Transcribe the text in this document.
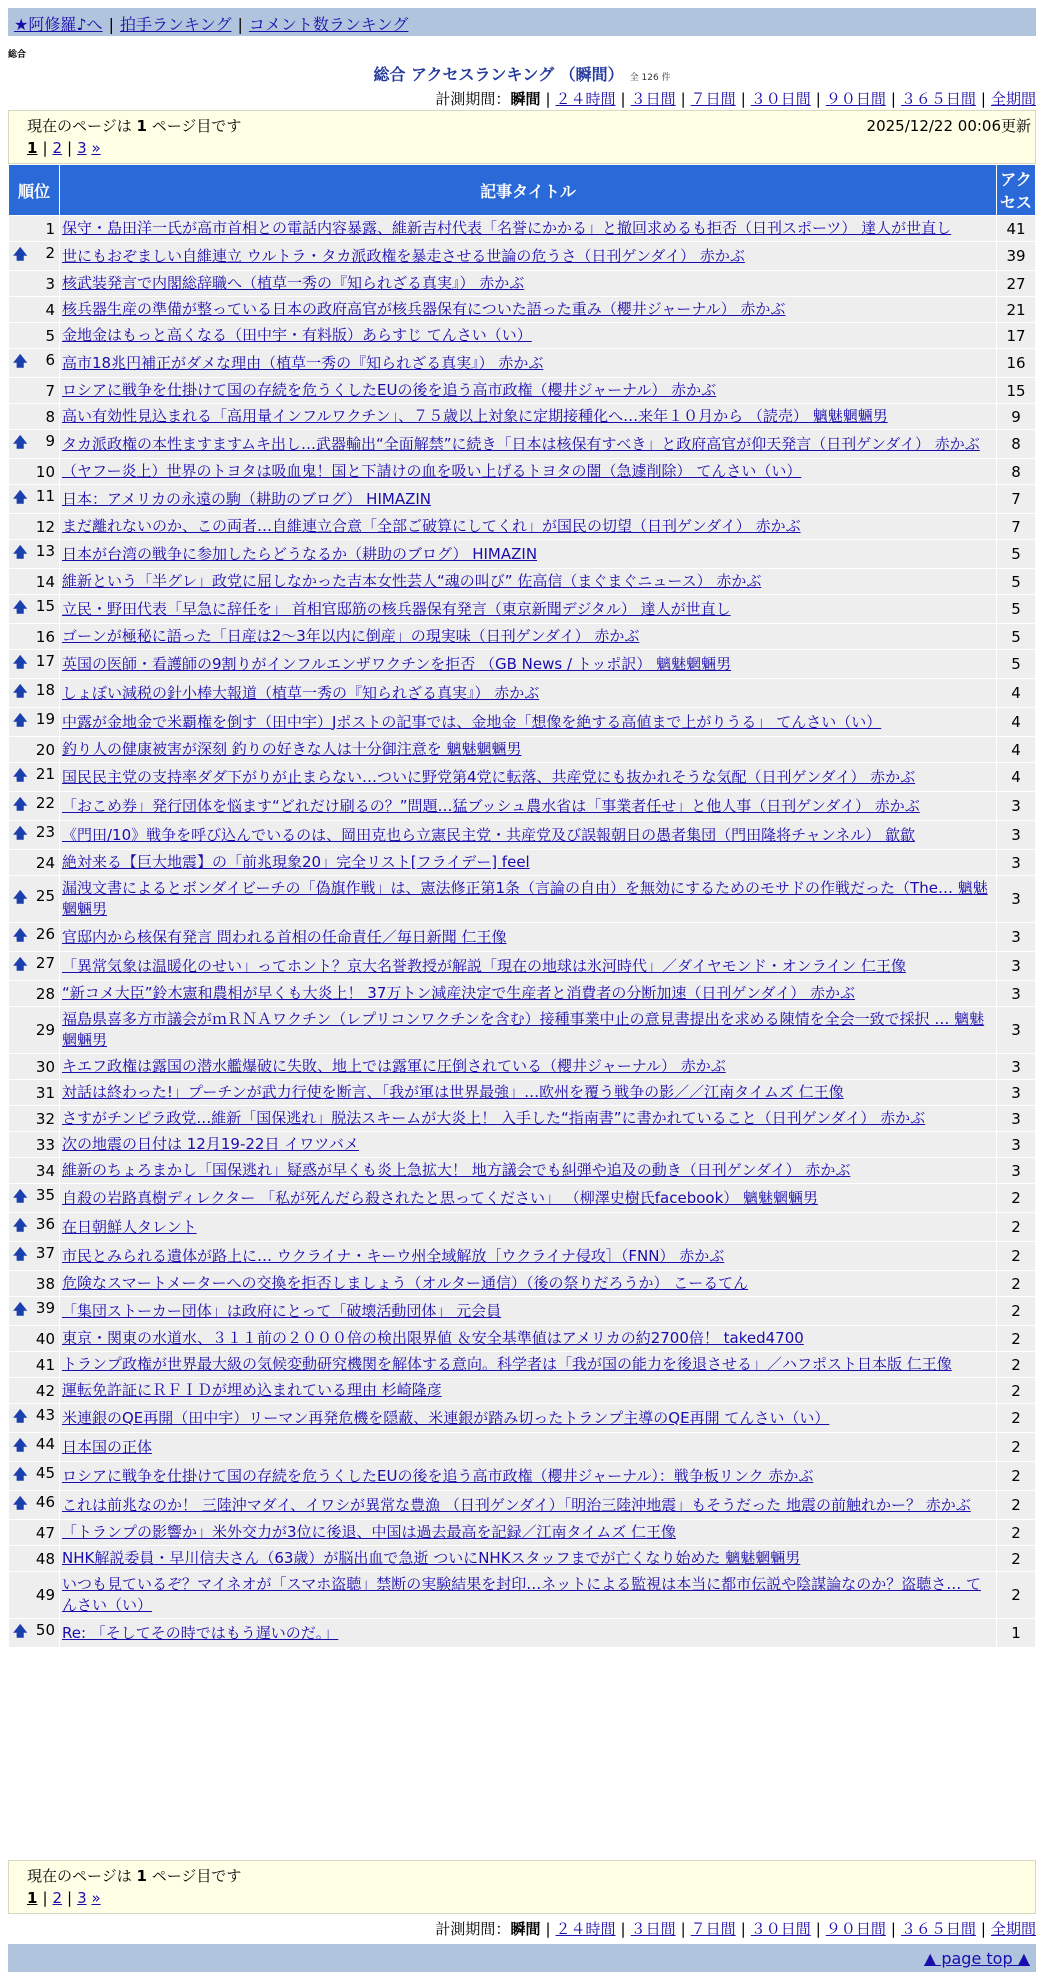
★阿修羅♪へ | 拍手ランキング | コメント数ランキング
総合
総合 アクセスランキング （瞬間） 全 126 件
計測期間：瞬間 | ２４時間 | ３日間 | ７日間 | ３０日間 | ９０日間 | ３６５日間 | 全期間
現在のページは 1 ページ目です	2025/12/22 00:06更新
1 | 2 | 3 »
順位	記事タイトル	アクセス
1	保守・島田洋一氏が高市首相との電話内容暴露、維新吉村代表「名誉にかかる」と撤回求めるも拒否（日刊スポーツ） 達人が世直し	41

🡅 2	世にもおぞましい自維連立 ウルトラ・タカ派政権を暴走させる世論の危うさ（日刊ゲンダイ） 赤かぶ	39
3	核武装発言で内閣総辞職へ（植草一秀の『知られざる真実』） 赤かぶ	27
4	核兵器生産の準備が整っている日本の政府高官が核兵器保有についた語った重み（櫻井ジャーナル） 赤かぶ	21
5	金地金はもっと高くなる（田中宇・有料版）あらすじ てんさい（い）	17

🡅 6	高市18兆円補正がダメな理由（植草一秀の『知られざる真実』） 赤かぶ	16
7	ロシアに戦争を仕掛けて国の存続を危うくしたEUの後を追う高市政権（櫻井ジャーナル） 赤かぶ	15
8	高い有効性見込まれる「高用量インフルワクチン」、７５歳以上対象に定期接種化へ…来年１０月から （読売） 魑魅魍魎男	9

🡅 9	タカ派政権の本性ますますムキ出し…武器輸出“全面解禁”に続き「日本は核保有すべき」と政府高官が仰天発言（日刊ゲンダイ） 赤かぶ	8
10	（ヤフー炎上）世界のトヨタは吸血鬼！国と下請けの血を吸い上げるトヨタの闇（急遽削除） てんさい（い）	8

🡅 11	日本：アメリカの永遠の駒（耕助のブログ） HIMAZIN	7
12	まだ離れないのか、この両者…自維連立合意「全部ご破算にしてくれ」が国民の切望（日刊ゲンダイ） 赤かぶ	7

🡅 13	日本が台湾の戦争に参加したらどうなるか（耕助のブログ） HIMAZIN	5
14	維新という「半グレ」政党に屈しなかった吉本女性芸人“魂の叫び” 佐高信（まぐまぐニュース） 赤かぶ	5

🡅 15	立民・野田代表「早急に辞任を」 首相官邸筋の核兵器保有発言（東京新聞デジタル） 達人が世直し	5
16	ゴーンが極秘に語った「日産は2〜3年以内に倒産」の現実味（日刊ゲンダイ） 赤かぶ	5

🡅 17	英国の医師・看護師の9割りがインフルエンザワクチンを拒否 （GB News / トッポ訳） 魑魅魍魎男	5

🡅 18	しょぼい減税の針小棒大報道（植草一秀の『知られざる真実』） 赤かぶ	4

🡅 19	中露が金地金で米覇権を倒す（田中宇）Jポストの記事では、金地金「想像を絶する高値まで上がりうる」 てんさい（い）	4
20	釣り人の健康被害が深刻 釣りの好きな人は十分御注意を 魑魅魍魎男	4

🡅 21	国民民主党の支持率ダダ下がりが止まらない…ついに野党第4党に転落、共産党にも抜かれそうな気配（日刊ゲンダイ） 赤かぶ	4

🡅 22	「おこめ券」発行団体を悩ます“どれだけ刷るの？”問題…猛ブッシュ農水省は「事業者任せ」と他人事（日刊ゲンダイ） 赤かぶ	3

🡅 23	《門田/10》戦争を呼び込んでいるのは、岡田克也ら立憲民主党・共産党及び誤報朝日の愚者集団（門田隆将チャンネル） 歙歙	3
24	絶対来る【巨大地震】の「前兆現象20」完全リスト[フライデー] feel	3

🡅 25	漏洩文書によるとボンダイビーチの「偽旗作戦」は、憲法修正第1条（言論の自由）を無効にするためのモサドの作戦だった（The… 魑魅魍魎男	3

🡅 26	官邸内から核保有発言 問われる首相の任命責任／毎日新聞 仁王像	3

🡅 27	「異常気象は温暖化のせい」ってホント？京大名誉教授が解説「現在の地球は氷河時代」／ダイヤモンド・オンライン 仁王像	3
28	“新コメ大臣”鈴木憲和農相が早くも大炎上！ 37万トン減産決定で生産者と消費者の分断加速（日刊ゲンダイ） 赤かぶ	3
29	福島県喜多方市議会がｍＲＮＡワクチン（レプリコンワクチンを含む）接種事業中止の意見書提出を求める陳情を全会一致で採択 … 魑魅魍魎男	3
30	キエフ政権は露国の潜水艦爆破に失敗、地上では露軍に圧倒されている（櫻井ジャーナル） 赤かぶ	3
31	対話は終わった!」プーチンが武力行使を断言、「我が軍は世界最強」…欧州を覆う戦争の影／／江南タイムズ 仁王像	3
32	さすがチンピラ政党…維新「国保逃れ」脱法スキームが大炎上！ 入手した“指南書”に書かれていること（日刊ゲンダイ） 赤かぶ	3
33	次の地震の日付は 12月19-22日 イワツバメ	3
34	維新のちょろまかし「国保逃れ」疑惑が早くも炎上急拡大！ 地方議会でも糾弾や追及の動き（日刊ゲンダイ） 赤かぶ	3

🡅 35	自殺の岩路真樹ディレクター 「私が死んだら殺されたと思ってください」 （柳澤史樹氏facebook） 魑魅魍魎男	2

🡅 36	在日朝鮮人タレント	2

🡅 37	市民とみられる遺体が路上に… ウクライナ・キーウ州全域解放［ウクライナ侵攻］（FNN） 赤かぶ	2
38	危険なスマートメーターへの交換を拒否しましょう（オルター通信）（後の祭りだろうか） こーるてん	2

🡅 39	「集団ストーカー団体」は政府にとって「破壊活動団体」 元会員	2
40	東京・関東の水道水、３１１前の２０００倍の検出限界値 ＆安全基準値はアメリカの約2700倍！ taked4700	2
41	トランプ政権が世界最大級の気候変動研究機関を解体する意向。科学者は「我が国の能力を後退させる」／ハフポスト日本版 仁王像	2
42	運転免許証にＲＦＩＤが埋め込まれている理由 杉崎隆彦	2

🡅 43	米連銀のQE再開（田中宇）リーマン再発危機を隠蔽、米連銀が踏み切ったトランプ主導のQE再開 てんさい（い）	2

🡅 44	日本国の正体	2

🡅 45	ロシアに戦争を仕掛けて国の存続を危うくしたEUの後を追う高市政権（櫻井ジャーナル）：戦争板リンク 赤かぶ	2

🡅 46	これは前兆なのか！ 三陸沖マダイ、イワシが異常な豊漁 （日刊ゲンダイ）「明治三陸沖地震」もそうだった 地震の前触れかー？ 赤かぶ	2
47	「トランプの影響か」米外交力が3位に後退、中国は過去最高を記録／江南タイムズ 仁王像	2
48	NHK解説委員・早川信夫さん（63歳）が脳出血で急逝 ついにNHKスタッフまでが亡くなり始めた 魑魅魍魎男	2
49	いつも見ているぞ？マイネオが「スマホ盗聴」禁断の実験結果を封印…ネットによる監視は本当に都市伝説や陰謀論なのか？盗聴さ… てんさい（い）	2

🡅 50	Re: 「そしてその時ではもう遅いのだ。」	1
現在のページは 1 ページ目です
1 | 2 | 3 »
計測期間：瞬間 | ２４時間 | ３日間 | ７日間 | ３０日間 | ９０日間 | ３６５日間 | 全期間
▲ page top ▲
